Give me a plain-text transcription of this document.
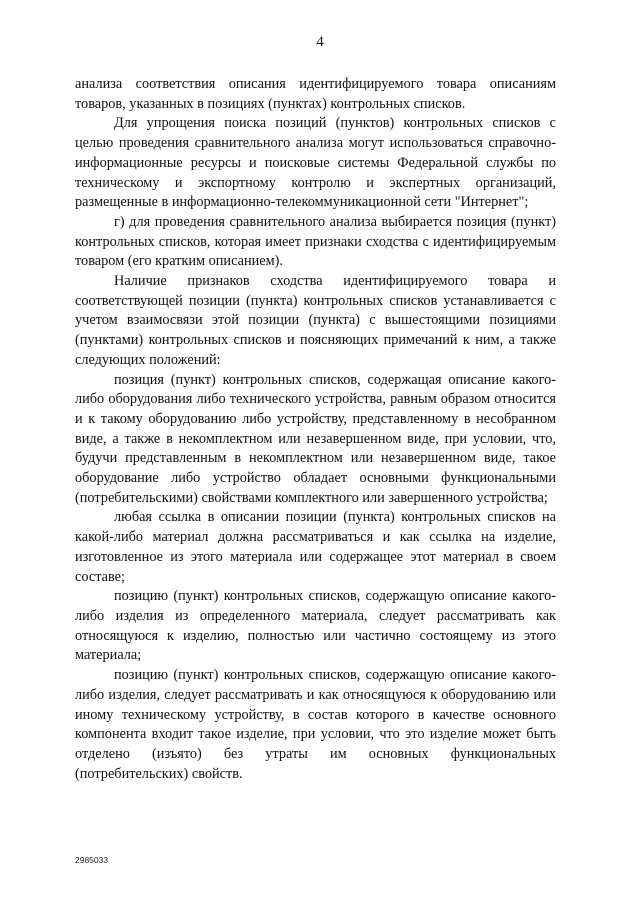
4

анализа соответствия описания идентифицируемого товара описаниям товаров, указанных в позициях (пунктах) контрольных списков.

Для упрощения поиска позиций (пунктов) контрольных списков с целью проведения сравнительного анализа могут использоваться справочно-информационные ресурсы и поисковые системы Федеральной службы по техническому и экспортному контролю и экспертных организаций, размещенные в информационно-телекоммуникационной сети "Интернет";

г) для проведения сравнительного анализа выбирается позиция (пункт) контрольных списков, которая имеет признаки сходства с идентифицируемым товаром (его кратким описанием).

Наличие признаков сходства идентифицируемого товара и соответствующей позиции (пункта) контрольных списков устанавливается с учетом взаимосвязи этой позиции (пункта) с вышестоящими позициями (пунктами) контрольных списков и поясняющих примечаний к ним, а также следующих положений:

позиция (пункт) контрольных списков, содержащая описание какого-либо оборудования либо технического устройства, равным образом относится и к такому оборудованию либо устройству, представленному в несобранном виде, а также в некомплектном или незавершенном виде, при условии, что, будучи представленным в некомплектном или незавершенном виде, такое оборудование либо устройство обладает основными функциональными (потребительскими) свойствами комплектного или завершенного устройства;

любая ссылка в описании позиции (пункта) контрольных списков на какой-либо материал должна рассматриваться и как ссылка на изделие, изготовленное из этого материала или содержащее этот материал в своем составе;

позицию (пункт) контрольных списков, содержащую описание какого-либо изделия из определенного материала, следует рассматривать как относящуюся к изделию, полностью или частично состоящему из этого материала;

позицию (пункт) контрольных списков, содержащую описание какого-либо изделия, следует рассматривать и как относящуюся к оборудованию или иному техническому устройству, в состав которого в качестве основного компонента входит такое изделие, при условии, что это изделие может быть отделено (изъято) без утраты им основных функциональных (потребительских) свойств.

2985033
